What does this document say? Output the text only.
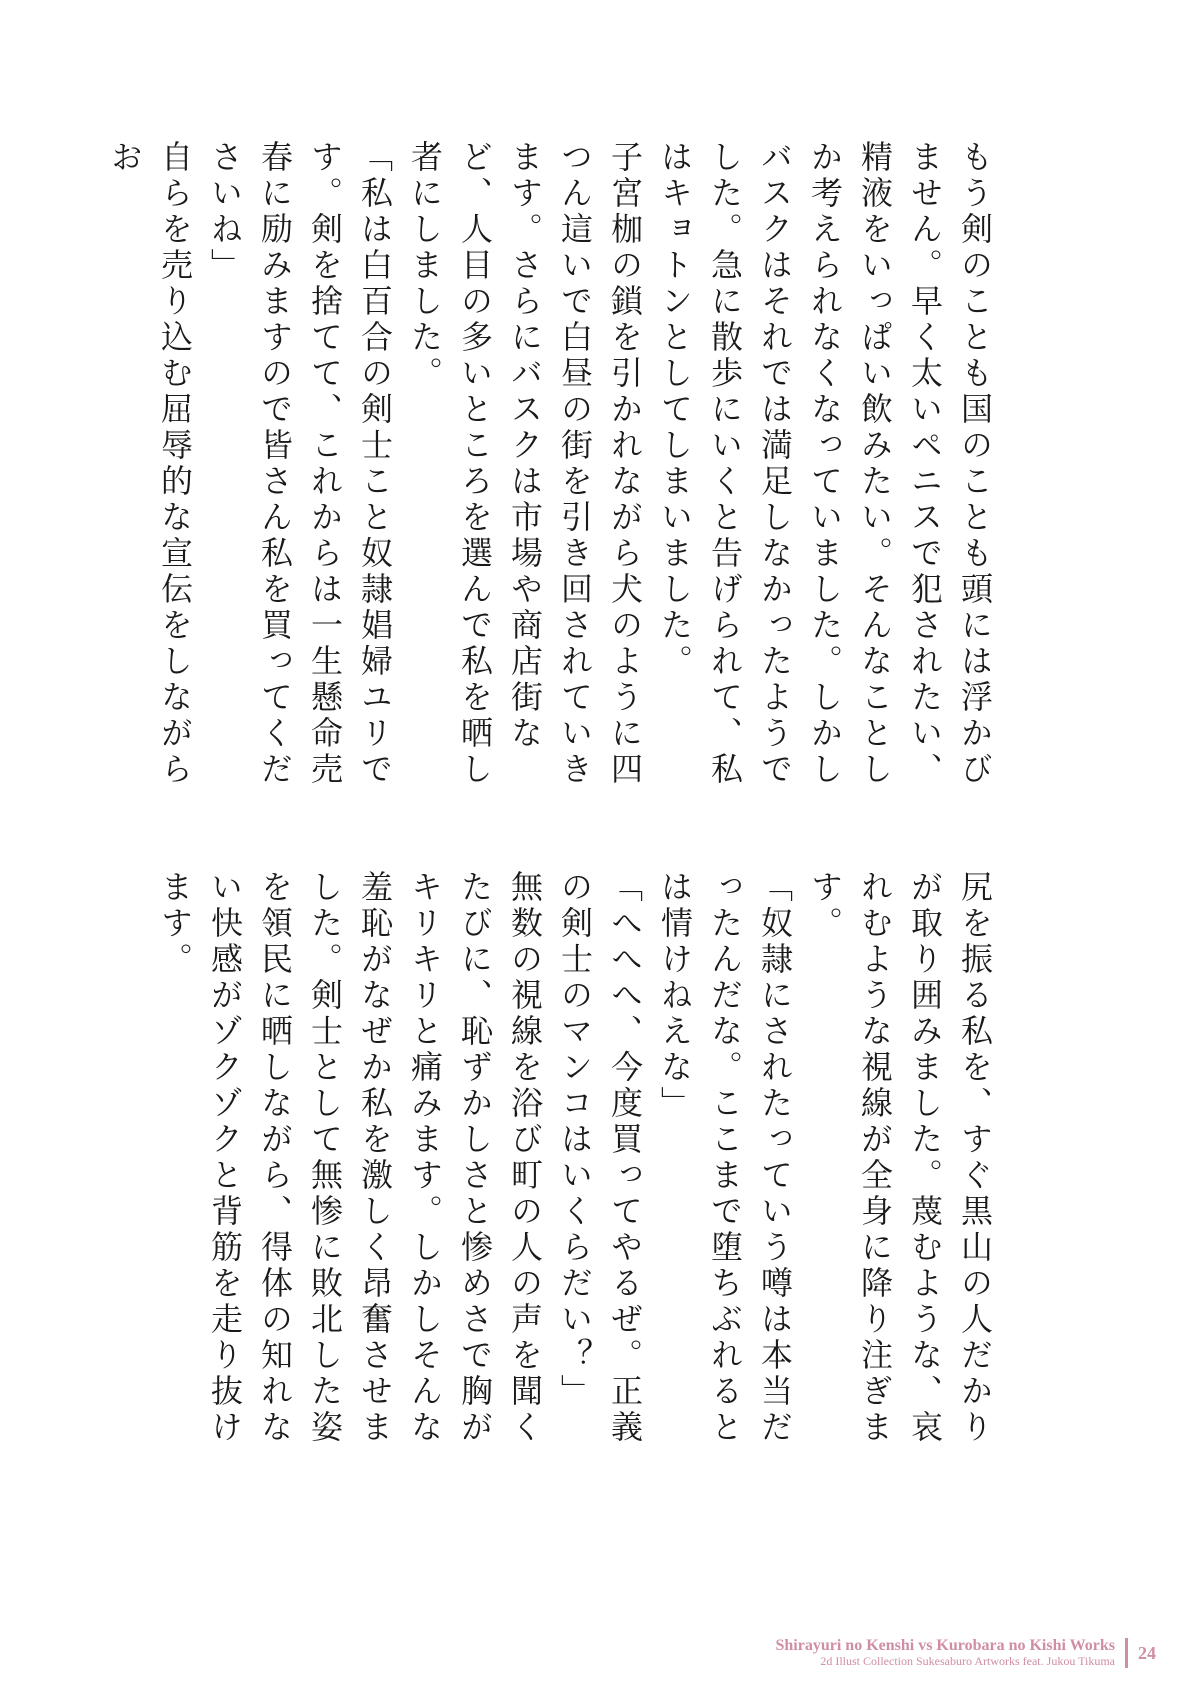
もう剣のことも国のことも頭には浮かびません。早く太いペニスで犯されたい、精液をいっぱい飲みたい。そんなことしか考えられなくなっていました。しかしバスクはそれでは満足しなかったようでした。急に散歩にいくと告げられて、私はキョトンとしてしまいました。

子宮枷の鎖を引かれながら犬のように四つん這いで白昼の街を引き回されていきます。さらにバスクは市場や商店街など、人目の多いところを選んで私を晒し者にしました。

「私は白百合の剣士こと奴隷娼婦ユリです。剣を捨てて、これからは一生懸命売春に励みますので皆さん私を買ってくださいね」

自らを売り込む屈辱的な宣伝をしながらお

尻を振る私を、すぐ黒山の人だかりが取り囲みました。蔑むような、哀れむような視線が全身に降り注ぎます。

「奴隷にされたっていう噂は本当だったんだな。ここまで堕ちぶれるとは情けねえな」

「へへへ、今度買ってやるぜ。正義の剣士のマンコはいくらだい？」

無数の視線を浴び町の人の声を聞くたびに、恥ずかしさと惨めさで胸がキリキリと痛みます。しかしそんな羞恥がなぜか私を激しく昂奮させました。剣士として無惨に敗北した姿を領民に晒しながら、得体の知れない快感がゾクゾクと背筋を走り抜けます。

Shirayuri no Kenshi vs Kurobara no Kishi Works
2d Illust Collection Sukesaburo Artworks feat. Jukou Tikuma 24
